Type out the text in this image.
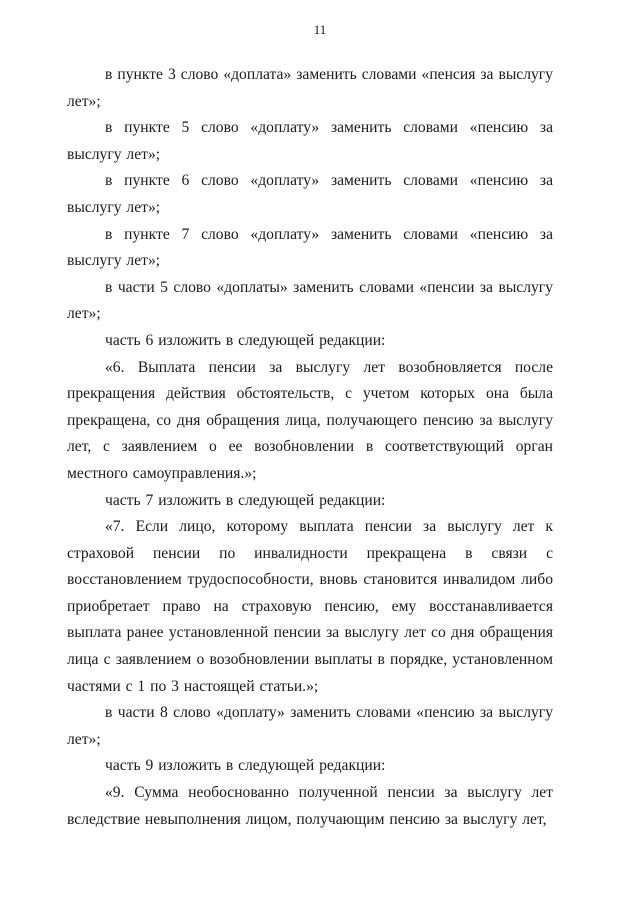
11

в пункте 3 слово «доплата» заменить словами «пенсия за выслугу лет»;

в пункте 5 слово «доплату» заменить словами «пенсию за выслугу лет»;

в пункте 6 слово «доплату» заменить словами «пенсию за выслугу лет»;

в пункте 7 слово «доплату» заменить словами «пенсию за выслугу лет»;

в части 5 слово «доплаты» заменить словами «пенсии за выслугу лет»;

часть 6 изложить в следующей редакции:

«6. Выплата пенсии за выслугу лет возобновляется после прекращения действия обстоятельств, с учетом которых она была прекращена, со дня обращения лица, получающего пенсию за выслугу лет, с заявлением о ее возобновлении в соответствующий орган местного самоуправления.»;

часть 7 изложить в следующей редакции:

«7. Если лицо, которому выплата пенсии за выслугу лет к страховой пенсии по инвалидности прекращена в связи с восстановлением трудоспособности, вновь становится инвалидом либо приобретает право на страховую пенсию, ему восстанавливается выплата ранее установленной пенсии за выслугу лет со дня обращения лица с заявлением о возобновлении выплаты в порядке, установленном частями с 1 по 3 настоящей статьи.»;

в части 8 слово «доплату» заменить словами «пенсию за выслугу лет»;

часть 9 изложить в следующей редакции:

«9. Сумма необоснованно полученной пенсии за выслугу лет вследствие невыполнения лицом, получающим пенсию за выслугу лет,
